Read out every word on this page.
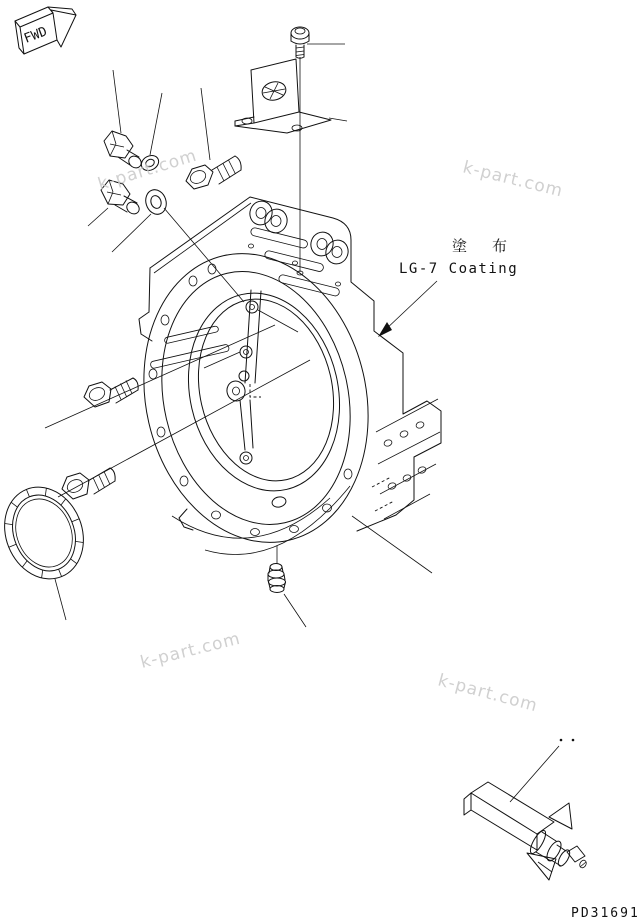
FWD
塗 布
LG-7 Coating
k-part.com	k-part.com
k-part.com
k-part.com
PD31691
